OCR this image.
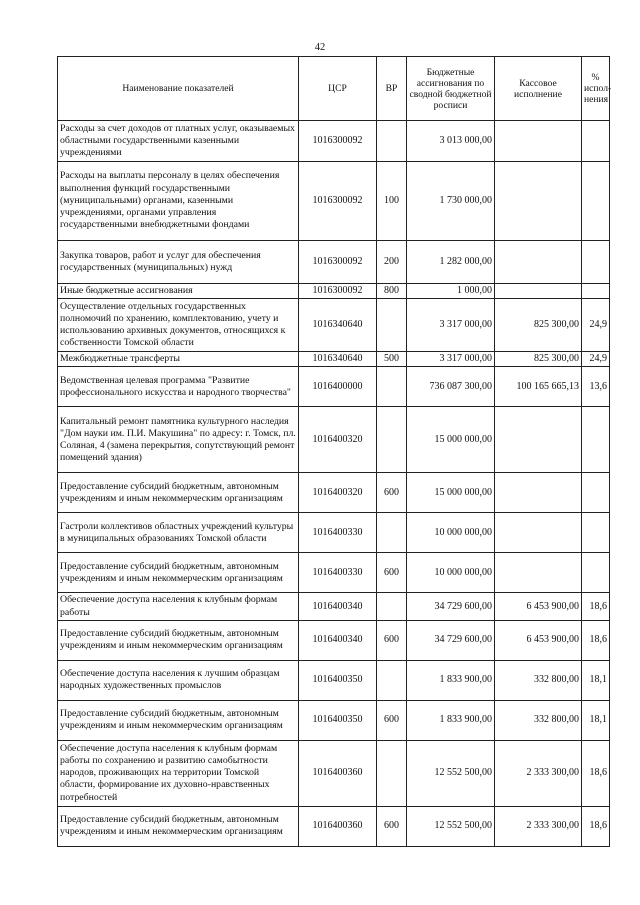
42
Наименование показателей	ЦСР	ВР	Бюджетные ассигнования по сводной бюджетной росписи	Кассовое исполнение	% испол-нения
Расходы за счет доходов от платных услуг, оказываемых областными государственными казенными учреждениями	1016300092		3 013 000,00		
Расходы на выплаты персоналу в целях обеспечения выполнения функций государственными (муниципальными) органами, казенными учреждениями, органами управления государственными внебюджетными фондами	1016300092	100	1 730 000,00		
Закупка товаров, работ и услуг для обеспечения государственных (муниципальных) нужд	1016300092	200	1 282 000,00		
Иные бюджетные ассигнования	1016300092	800	1 000,00		
Осуществление отдельных государственных полномочий по хранению, комплектованию, учету и использованию архивных документов, относящихся к собственности Томской области	1016340640		3 317 000,00	825 300,00	24,9
Межбюджетные трансферты	1016340640	500	3 317 000,00	825 300,00	24,9
Ведомственная целевая программа "Развитие профессионального искусства и народного творчества"	1016400000		736 087 300,00	100 165 665,13	13,6
Капитальный ремонт памятника культурного наследия "Дом науки им. П.И. Макушина" по адресу: г. Томск, пл. Соляная, 4 (замена перекрытия, сопутствующий ремонт помещений здания)	1016400320		15 000 000,00		
Предоставление субсидий бюджетным, автономным учреждениям и иным некоммерческим организациям	1016400320	600	15 000 000,00		
Гастроли коллективов областных учреждений культуры в муниципальных образованиях Томской области	1016400330		10 000 000,00		
Предоставление субсидий бюджетным, автономным учреждениям и иным некоммерческим организациям	1016400330	600	10 000 000,00		
Обеспечение доступа населения к клубным формам работы	1016400340		34 729 600,00	6 453 900,00	18,6
Предоставление субсидий бюджетным, автономным учреждениям и иным некоммерческим организациям	1016400340	600	34 729 600,00	6 453 900,00	18,6
Обеспечение доступа населения к лучшим образцам народных художественных промыслов	1016400350		1 833 900,00	332 800,00	18,1
Предоставление субсидий бюджетным, автономным учреждениям и иным некоммерческим организациям	1016400350	600	1 833 900,00	332 800,00	18,1
Обеспечение доступа населения к клубным формам работы по сохранению и развитию самобытности народов, проживающих на территории Томской области, формирование их духовно-нравственных потребностей	1016400360		12 552 500,00	2 333 300,00	18,6
Предоставление субсидий бюджетным, автономным учреждениям и иным некоммерческим организациям	1016400360	600	12 552 500,00	2 333 300,00	18,6
